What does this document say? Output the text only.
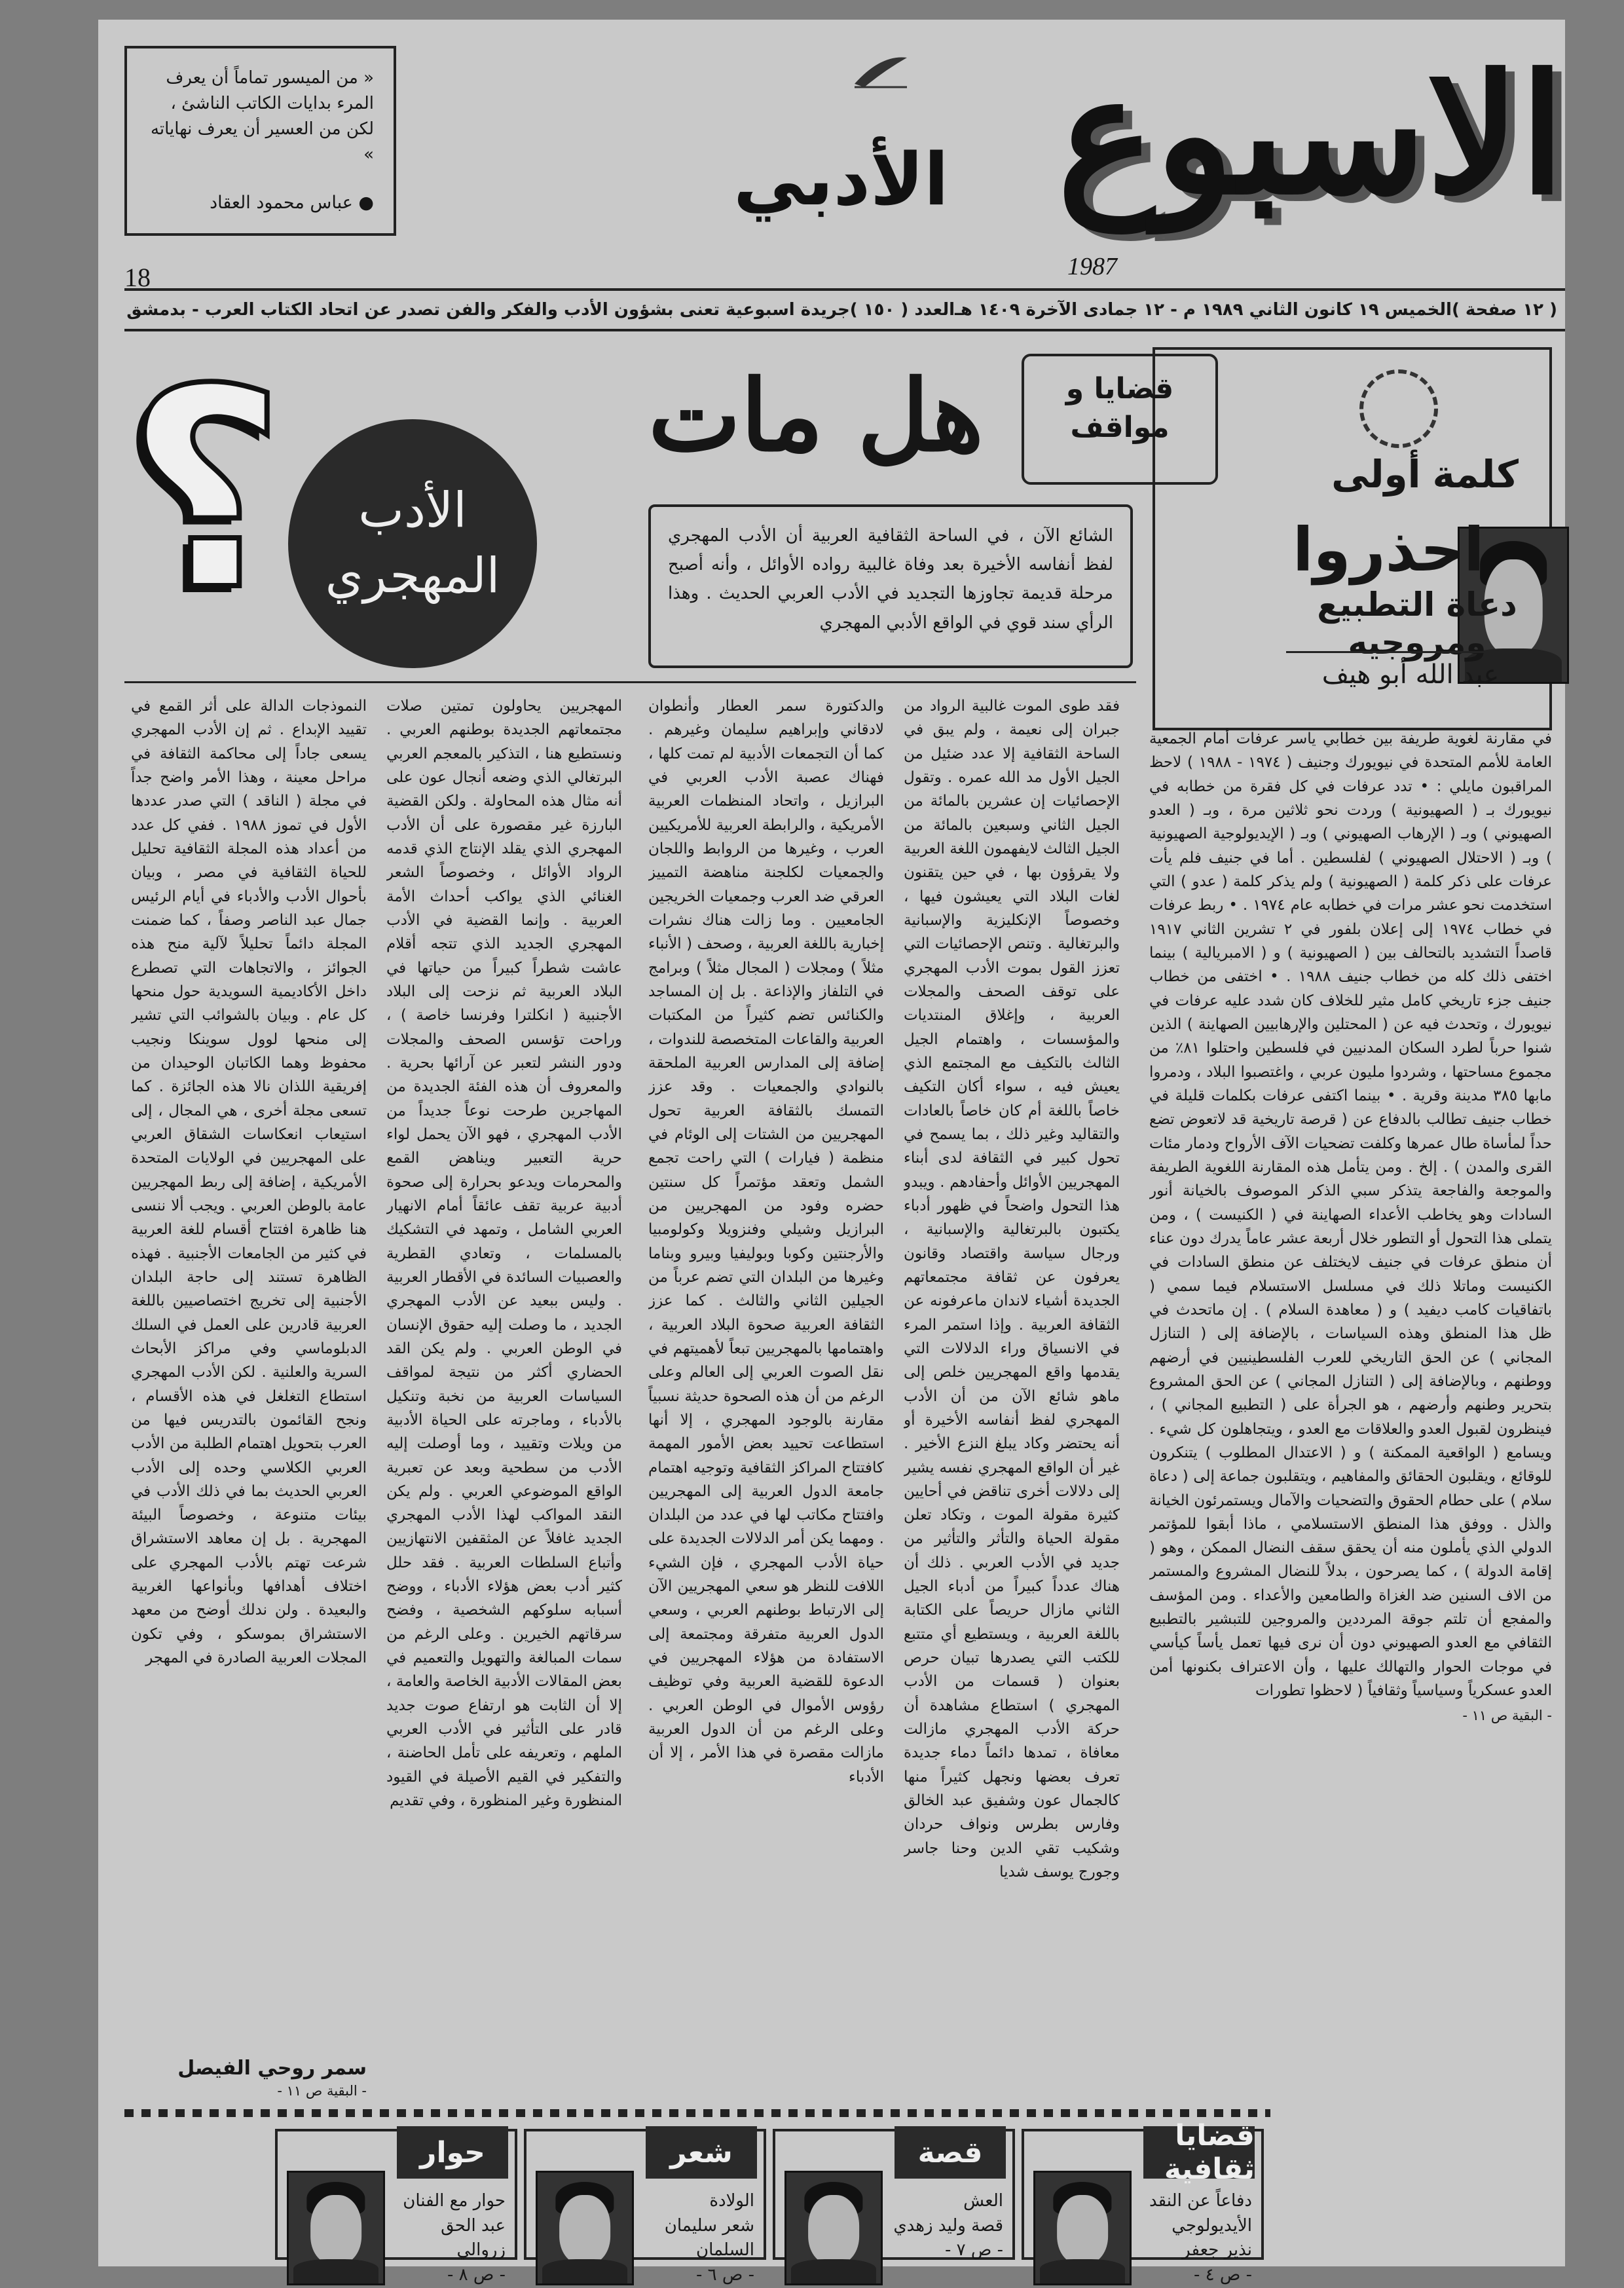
« من الميسور تماماً أن يعرف المرء بدايات الكاتب الناشئ ، لكن من العسير أن يعرف نهاياته »

● عباس محمود العقاد	الاسبوع
الأدبي
1987
18
( ١٢ صفحة )
الخميس ١٩ كانون الثاني ١٩٨٩ م - ١٢ جمادى الآخرة ١٤٠٩ هـ
العدد ( ١٥٠ )
جريدة اسبوعية تعنى بشؤون الأدب والفكر والفن تصدر عن اتحاد الكتاب العرب - بدمشق
كلمة
أولى
احذروا
دعاة التطبيع ومروجيه
عبد الله أبو هيف
هل مات	قضايا و مواقف
الأدب
المهجري
؟	الشائع الآن ، في الساحة الثقافية العربية أن الأدب المهجري لفظ أنفاسه الأخيرة بعد وفاة غالبية رواده الأوائل ، وأنه أصبح مرحلة قديمة تجاوزها التجديد في الأدب العربي الحديث . وهذا الرأي سند قوي في الواقع الأدبي المهجري

في مقارنة لغوية طريفة بين خطابي ياسر عرفات أمام الجمعية العامة للأمم المتحدة في نيويورك وجنيف ( ١٩٧٤ - ١٩٨٨ ) لاحظ المراقبون مايلي : • تدد عرفات في كل فقرة من خطابه في نيويورك بـ ( الصهيونية ) وردت نحو ثلاثين مرة ، وبـ ( العدو الصهيوني ) وبـ ( الإرهاب الصهيوني ) وبـ ( الإيديولوجية الصهيونية ) وبـ ( الاحتلال الصهيوني ) لفلسطين . أما في جنيف فلم يأت عرفات على ذكر كلمة ( الصهيونية ) ولم يذكر كلمة ( عدو ) التي استخدمت نحو عشر مرات في خطابه عام ١٩٧٤ . • ربط عرفات في خطاب ١٩٧٤ إلى إعلان بلفور في ٢ تشرين الثاني ١٩١٧ قاصداً التشديد بالتحالف بين ( الصهيونية ) و ( الامبريالية ) بينما اختفى ذلك كله من خطاب جنيف ١٩٨٨ . • اختفى من خطاب جنيف جزء تاريخي كامل مثير للخلاف كان شدد عليه عرفات في نيويورك ، وتحدث فيه عن ( المحتلين والإرهابيين الصهاينة ) الذين شنوا حرباً لطرد السكان المدنيين في فلسطين واحتلوا ٨١٪ من مجموع مساحتها ، وشردوا مليون عربي ، واغتصبوا البلاد ، ودمروا مابها ٣٨٥ مدينة وقرية . • بينما اكتفى عرفات بكلمات قليلة في خطاب جنيف تطالب بالدفاع عن ( قرصة تاريخية قد لاتعوض تضع حداً لمأساة طال عمرها وكلفت تضحيات الآف الأرواح ودمار مئات القرى والمدن ) . إلخ . ومن يتأمل هذه المقارنة اللغوية الطريفة والموجعة والفاجعة يتذكر سبي الذكر الموصوف بالخيانة أنور السادات وهو يخاطب الأعداء الصهاينة في ( الكنيست ) ، ومن يتملى هذا التحول أو التطور خلال أربعة عشر عاماً يدرك دون عناء أن منطق عرفات في جنيف لايختلف عن منطق السادات في الكنيست وماتلا ذلك في مسلسل الاستسلام فيما سمي ( باتفاقيات كامب ديفيد ) و ( معاهدة السلام ) . إن ماتحدث في ظل هذا المنطق وهذه السياسات ، بالإضافة إلى ( التنازل المجاني ) عن الحق التاريخي للعرب الفلسطينيين في أرضهم ووطنهم ، وبالإضافة إلى ( التنازل المجاني ) عن الحق المشروع بتحرير وطنهم وأرضهم ، هو الجرأة على ( التطبيع المجاني ) ، فينظرون لقبول العدو والعلاقات مع العدو ، ويتجاهلون كل شيء . ويسامع ( الواقعية الممكنة ) و ( الاعتدال المطلوب ) يتنكرون للوقائع ، ويقلبون الحقائق والمفاهيم ، ويتقلبون جماعة إلى ( دعاة سلام ) على حطام الحقوق والتضحيات والآمال ويستمرئون الخيانة والذل . ووفق هذا المنطق الاستسلامي ، ماذا أبقوا للمؤتمر الدولي الذي يأملون منه أن يحقق سقف النضال الممكن ، وهو ( إقامة الدولة ) ، كما يصرحون ، بدلاً للنضال المشروع والمستمر من الاف السنين ضد الغزاة والطامعين والأعداء . ومن المؤسف والمفجع أن تلتم جوقة المرددين والمروجين للتبشير بالتطبيع الثقافي مع العدو الصهيوني دون أن نرى فيها تعمل يأساً كيأسي في موجات الحوار والتهالك عليها ، وأن الاعتراف بكنونها أمن العدو عسكرياً وسياسياً وثقافياً ( لاحظوا تطورات

- البقية ص ١١ -

فقد طوى الموت غالبية الرواد من جبران إلى نعيمة ، ولم يبق في الساحة الثقافية إلا عدد ضئيل من الجيل الأول مد الله عمره . وتقول الإحصائيات إن عشرين بالمائة من الجيل الثاني وسبعين بالمائة من الجيل الثالث لايفهمون اللغة العربية ولا يقرؤون بها ، في حين يتقنون لغات البلاد التي يعيشون فيها ، وخصوصاً الإنكليزية والإسبانية والبرتغالية . وتنص الإحصائيات التي تعزز القول بموت الأدب المهجري على توقف الصحف والمجلات العربية ، وإغلاق المنتديات والمؤسسات ، واهتمام الجيل الثالث بالتكيف مع المجتمع الذي يعيش فيه ، سواء أكان التكيف خاصاً باللغة أم كان خاصاً بالعادات والتقاليد وغير ذلك ، بما يسمح في تحول كبير في الثقافة لدى أبناء المهجريين الأوائل وأحفادهم . ويبدو هذا التحول واضحاً في ظهور أدباء يكتبون بالبرتغالية والإسبانية ، ورجال سياسة واقتصاد وقانون يعرفون عن ثقافة مجتمعاتهم الجديدة أشياء لاندان ماعرفونه عن الثقافة العربية . وإذا استمر المرء في الانسياق وراء الدلالات التي يقدمها واقع المهجريين خلص إلى ماهو شائع الآن من أن الأدب المهجري لفظ أنفاسه الأخيرة أو أنه يحتضر وكاد يبلغ النزع الأخير . غير أن الواقع المهجري نفسه يشير إلى دلالات أخرى تناقض في أحايين كثيرة مقولة الموت ، وتكاد تعلن مقولة الحياة والتأثر والتأثير من جديد في الأدب العربي . ذلك أن هناك عدداً كبيراً من أدباء الجيل الثاني مازال حريصاً على الكتابة باللغة العربية ، ويستطيع أي متتبع للكتب التي يصدرها تبيان حرص بعنوان ( قسمات من الأدب المهجري ) استطاع مشاهدة أن حركة الأدب المهجري مازالت معافاة ، تمدها دائماً دماء جديدة تعرف بعضها ونجهل كثيراً منها كالجمال عون وشفيق عبد الخالق وفارس بطرس ونواف حردان وشكيب تقي الدين وحنا جاسر وجورج يوسف شديا

والدكتورة سمر العطار وأنطوان لادقاني وإبراهيم سليمان وغيرهم . كما أن التجمعات الأدبية لم تمت كلها ، فهناك عصبة الأدب العربي في البرازيل ، واتحاد المنظمات العربية الأمريكية ، والرابطة العربية للأمريكيين العرب ، وغيرها من الروابط واللجان والجمعيات لكلجنة مناهضة التمييز العرقي ضد العرب وجمعيات الخريجين الجامعيين . وما زالت هناك نشرات إخبارية باللغة العربية ، وصحف ( الأنباء مثلاً ) ومجلات ( المجال مثلاً ) وبرامج في التلفاز والإذاعة . بل إن المساجد والكنائس تضم كثيراً من المكتبات العربية والقاعات المتخصصة للندوات ، إضافة إلى المدارس العربية الملحقة بالنوادي والجمعيات . وقد عزز التمسك بالثقافة العربية تحول المهجريين من الشتات إلى الوئام في منظمة ( فيارات ) التي راحت تجمع الشمل وتعقد مؤتمراً كل سنتين حضره وفود من المهجريين من البرازيل وشيلي وفنزويلا وكولومبيا والأرجنتين وكوبا وبوليفيا وبيرو وبناما وغيرها من البلدان التي تضم عرباً من الجيلين الثاني والثالث . كما عزز الثقافة العربية صحوة البلاد العربية ، واهتمامها بالمهجريين تبعاً لأهميتهم في نقل الصوت العربي إلى العالم وعلى الرغم من أن هذه الصحوة حديثة نسبياً مقارنة بالوجود المهجري ، إلا أنها استطاعت تحييد بعض الأمور المهمة كافتتاح المراكز الثقافية وتوجيه اهتمام جامعة الدول العربية إلى المهجريين وافتتاح مكاتب لها في عدد من البلدان . ومهما يكن أمر الدلالات الجديدة على حياة الأدب المهجري ، فإن الشيء اللافت للنظر هو سعي المهجريين الآن إلى الارتباط بوطنهم العربي ، وسعي الدول العربية متفرقة ومجتمعة إلى الاستفادة من هؤلاء المهجريين في الدعوة للقضية العربية وفي توظيف رؤوس الأموال في الوطن العربي . وعلى الرغم من أن الدول العربية مازالت مقصرة في هذا الأمر ، إلا أن الأدباء

المهجريين يحاولون تمتين صلات مجتمعاتهم الجديدة بوطنهم العربي . ونستطيع هنا ، التذكير بالمعجم العربي البرتغالي الذي وضعه أنجال عون على أنه مثال هذه المحاولة . ولكن القضية البارزة غير مقصورة على أن الأدب المهجري الذي يقلد الإنتاج الذي قدمه الرواد الأوائل ، وخصوصاً الشعر الغنائي الذي يواكب أحداث الأمة العربية . وإنما القضية في الأدب المهجري الجديد الذي تتجه أقلام عاشت شطراً كبيراً من حياتها في البلاد العربية ثم نزحت إلى البلاد الأجنبية ( انكلترا وفرنسا خاصة ) ، وراحت تؤسس الصحف والمجلات ودور النشر لتعبر عن آرائها بحرية . والمعروف أن هذه الفئة الجديدة من المهاجرين طرحت نوعاً جديداً من الأدب المهجري ، فهو الآن يحمل لواء حرية التعبير ويناهض القمع والمحرمات ويدعو بحرارة إلى صحوة أدبية عربية تقف عائقاً أمام الانهيار العربي الشامل ، وتمهد في التشكيك بالمسلمات ، وتعادي القطرية والعصبيات السائدة في الأقطار العربية . وليس ببعيد عن الأدب المهجري الجديد ، ما وصلت إليه حقوق الإنسان في الوطن العربي . ولم يكن القد الحضاري أكثر من نتيجة لمواقف السياسات العربية من نخبة وتنكيل بالأدباء ، وماجرته على الحياة الأدبية من ويلات وتقييد ، وما أوصلت إليه الأدب من سطحية وبعد عن تعبرية الواقع الموضوعي العربي . ولم يكن النقد المواكب لهذا الأدب المهجري الجديد غافلاً عن المثقفين الانتهازيين وأتباع السلطات العربية . فقد حلل كثير أدب بعض هؤلاء الأدباء ، ووضح أسبابه سلوكهم الشخصية ، وفضح سرقاتهم الخيرين . وعلى الرغم من سمات المبالغة والتهويل والتعميم في بعض المقالات الأدبية الخاصة والعامة ، إلا أن الثابت هو ارتفاع صوت جديد قادر على التأثير في الأدب العربي الملهم ، وتعريفه على تأمل الحاضنة ، والتفكير في القيم الأصيلة في القيود المنظورة وغير المنظورة ، وفي تقديم

النموذجات الدالة على أثر القمع في تقييد الإبداع . ثم إن الأدب المهجري يسعى جاداً إلى محاكمة الثقافة في مراحل معينة ، وهذا الأمر واضح جداً في مجلة ( الناقد ) التي صدر عددها الأول في تموز ١٩٨٨ . ففي كل عدد من أعداد هذه المجلة الثقافية تحليل للحياة الثقافية في مصر ، وبيان بأحوال الأدب والأدباء في أيام الرئيس جمال عبد الناصر وصفاً ، كما ضمنت المجلة دائماً تحليلاً لآلية منح هذه الجوائز ، والاتجاهات التي تصطرع داخل الأكاديمية السويدية حول منحها كل عام . وبيان بالشوائب التي تشير إلى منحها لوول سوينكا ونجيب محفوظ وهما الكاتبان الوحيدان من إفريقية اللذان نالا هذه الجائزة . كما تسعى مجلة أخرى ، هي المجال ، إلى استيعاب انعكاسات الشقاق العربي على المهجريين في الولايات المتحدة الأمريكية ، إضافة إلى ربط المهجريين عامة بالوطن العربي . ويجب ألا ننسى هنا ظاهرة افتتاح أقسام للغة العربية في كثير من الجامعات الأجنبية . فهذه الظاهرة تستند إلى حاجة البلدان الأجنبية إلى تخريج اختصاصيين باللغة العربية قادرين على العمل في السلك الدبلوماسي وفي مراكز الأبحاث السرية والعلنية . لكن الأدب المهجري استطاع التغلغل في هذه الأقسام ، ونجح القائمون بالتدريس فيها من العرب بتحويل اهتمام الطلبة من الأدب العربي الكلاسي وحده إلى الأدب العربي الحديث بما في ذلك الأدب في بيئات متنوعة ، وخصوصاً البيئة المهجرية . بل إن معاهد الاستشراق شرعت تهتم بالأدب المهجري على اختلاف أهدافها وبأنواعها الغربية والبعيدة . ولن ندلك أوضح من معهد الاستشراق بموسكو ، وفي تكون المجلات العربية الصادرة في المهجر

سمر روحي الفيصل
- البقية ص ١١ -
قضايا ثقافية
دفاعاً عن النقد الأيديولوجي
نذير جعفر
- ص ٤ -
قصة
العش
قصة وليد زهدي
- ص ٧ -
شعر
الولادة
شعر سليمان السلمان
- ص ٦ -
حوار
حوار مع الفنان
عبد الحق زروالي
- ص ٨ -
